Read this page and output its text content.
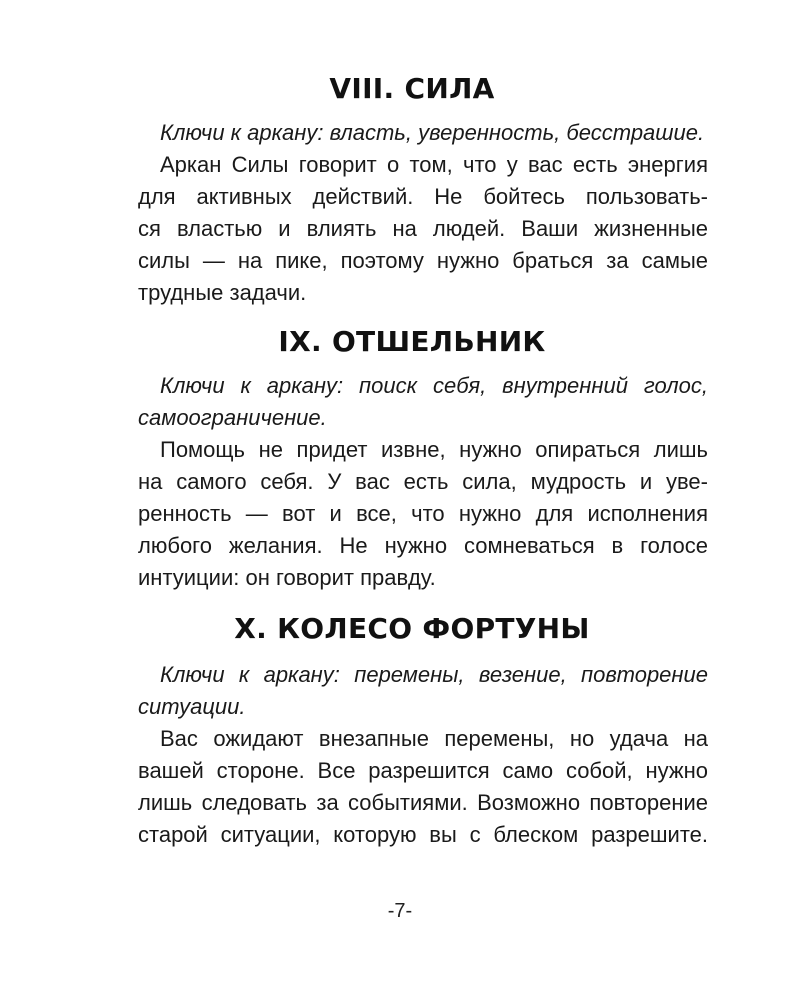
VIII. СИЛА

Ключи к аркану: власть, уверенность, бесстрашие.

Аркан Силы говорит о том, что у вас есть энергия
для активных действий. Не бойтесь пользовать-
ся властью и влиять на людей. Ваши жизненные
силы — на пике, поэтому нужно браться за самые
трудные задачи.

IX. ОТШЕЛЬНИК

Ключи к аркану: поиск себя, внутренний голос,
самоограничение.

Помощь не придет извне, нужно опираться лишь
на самого себя. У вас есть сила, мудрость и уве-
ренность — вот и все, что нужно для исполнения
любого желания. Не нужно сомневаться в голосе
интуиции: он говорит правду.

X. КОЛЕСО ФОРТУНЫ

Ключи к аркану: перемены, везение, повторение
ситуации.

Вас ожидают внезапные перемены, но удача на
вашей стороне. Все разрешится само собой, нужно
лишь следовать за событиями. Возможно повторение
старой ситуации, которую вы с блеском разрешите.

-7-
